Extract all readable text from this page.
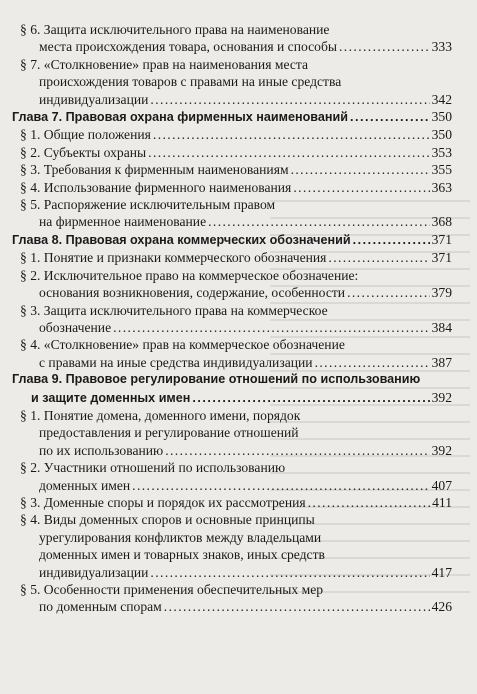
§ 6. Защита исключительного права на наименование
места происхождения товара, основания и способы . . .	333
§ 7. «Столкновение» прав на наименования места
происхождения товаров с правами на иные средства
индивидуализации . . .	342
Глава 7. Правовая охрана фирменных наименований . . .	350
§ 1. Общие положения . . .	350
§ 2. Субъекты охраны . . .	353
§ 3. Требования к фирменным наименованиям . . .	355
§ 4. Использование фирменного наименования . . .	363
§ 5. Распоряжение исключительным правом
на фирменное наименование . . .	368
Глава 8. Правовая охрана коммерческих обозначений . . .	371
§ 1. Понятие и признаки коммерческого обозначения . . .	371
§ 2. Исключительное право на коммерческое обозначение:
основания возникновения, содержание, особенности . . .	379
§ 3. Защита исключительного права на коммерческое
обозначение . . .	384
§ 4. «Столкновение» прав на коммерческое обозначение
с правами на иные средства индивидуализации . . .	387
Глава 9. Правовое регулирование отношений по использованию
и защите доменных имен . . .	392
§ 1. Понятие домена, доменного имени, порядок
предоставления и регулирование отношений
по их использованию . . .	392
§ 2. Участники отношений по использованию
доменных имен . . .	407
§ 3. Доменные споры и порядок их рассмотрения . . .	411
§ 4. Виды доменных споров и основные принципы
урегулирования конфликтов между владельцами
доменных имен и товарных знаков, иных средств
индивидуализации . . .	417
§ 5. Особенности применения обеспечительных мер
по доменным спорам . . .	426
